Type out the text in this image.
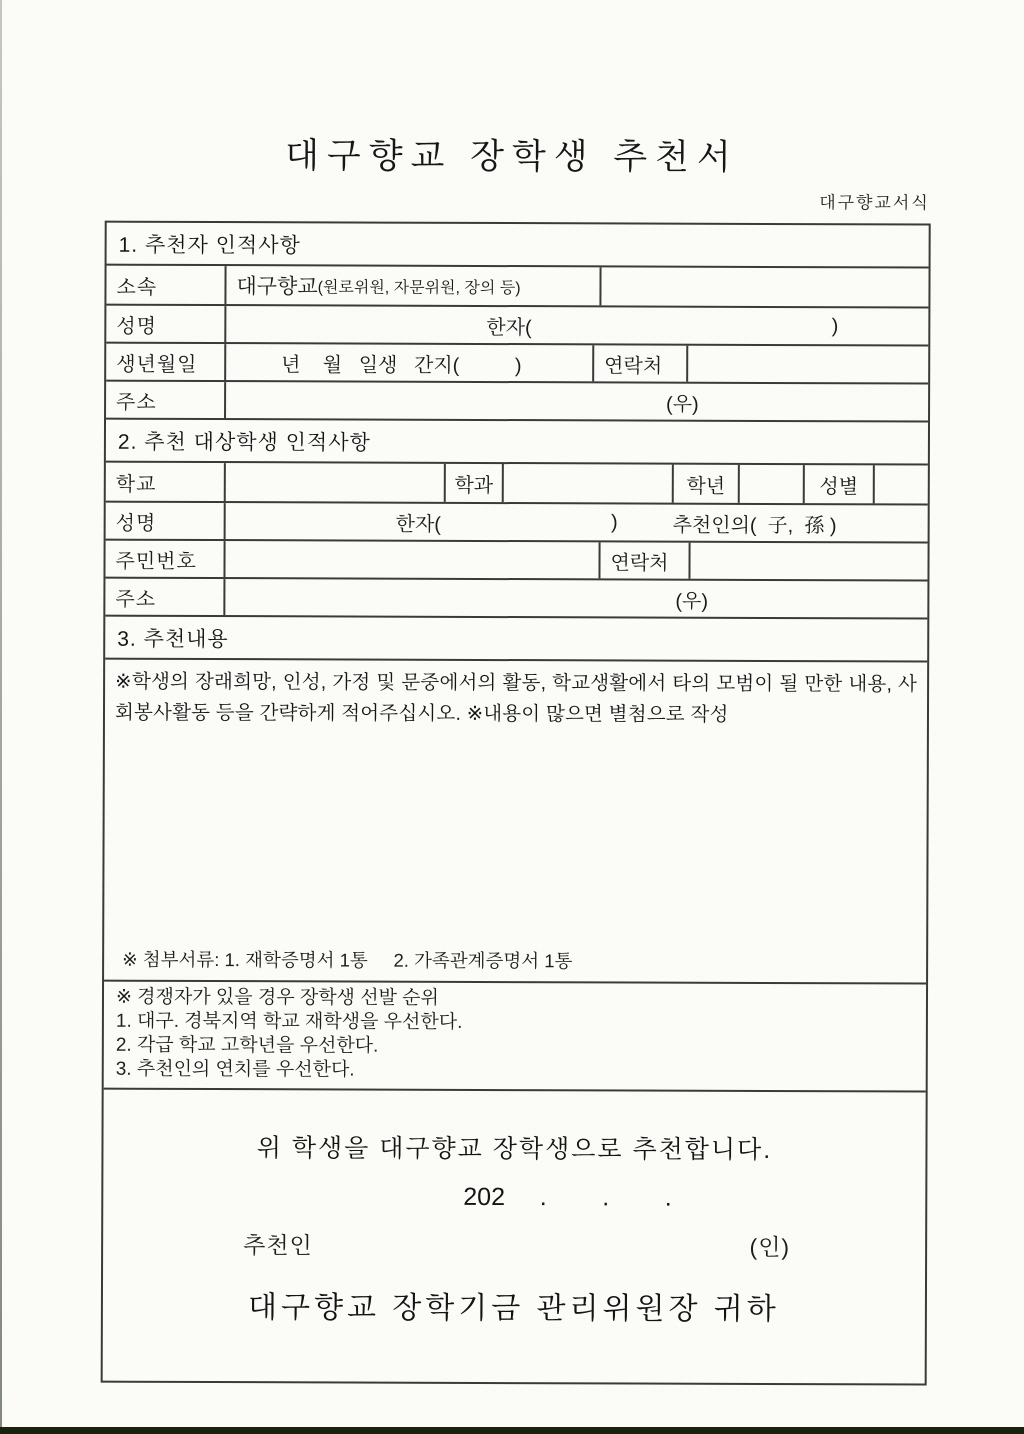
대구향교 장학생 추천서
대구향교서식
1. 추천자 인적사항
소속	대구향교 (원로위원, 자문위원, 장의 등)
성명	한자(	)
생년월일	년    월   일생   간지(          )	연락처
주소	(우)
2. 추천 대상학생 인적사항
학교	학과	학년	성별
성명	한자(	)	추천인의(  子,  孫 )
주민번호	연락처
주소	(우)
3. 추천내용
※학생의 장래희망, 인성, 가정 및 문중에서의 활동, 학교생활에서 타의 모범이 될 만한 내용, 사회봉사활동 등을 간략하게 적어주십시오. ※내용이 많으면 별첨으로 작성
※ 첨부서류: 1. 재학증명서 1통     2. 가족관계증명서 1통
※ 경쟁자가 있을 경우 장학생 선발 순위
1. 대구. 경북지역 학교 재학생을 우선한다.
2. 각급 학교 고학년을 우선한다.
3. 추천인의 연치를 우선한다.
위 학생을 대구향교 장학생으로 추천합니다.
202     .        .        .
추천인	(인)
대구향교 장학기금 관리위원장 귀하
